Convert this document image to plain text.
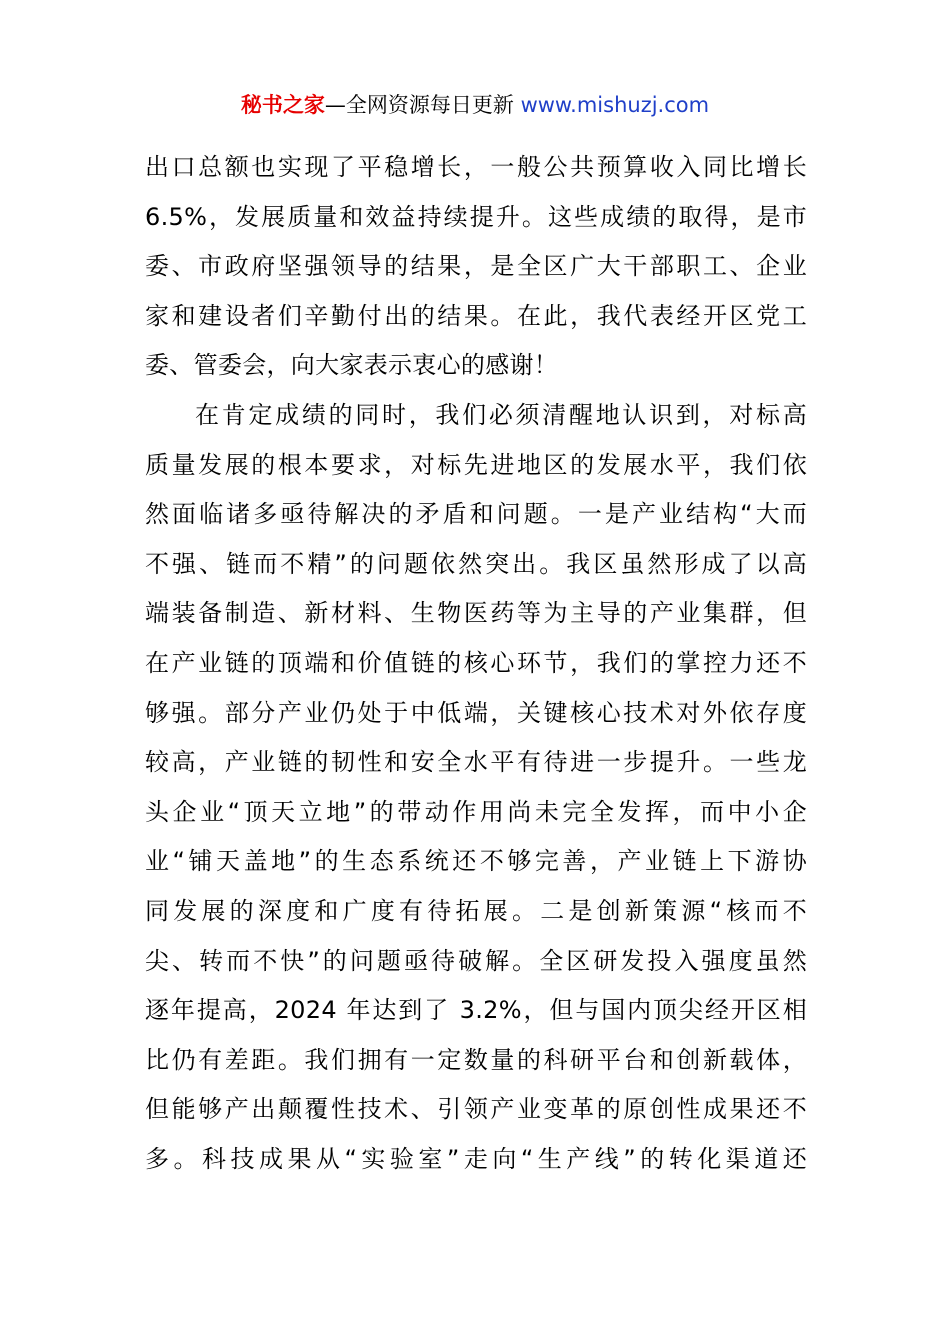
秘书之家—全网资源每日更新 www.mishuzj.com
出口总额也实现了平稳增长，一般公共预算收入同比增长
6.5%，发展质量和效益持续提升。这些成绩的取得，是市
委、市政府坚强领导的结果，是全区广大干部职工、企业
家和建设者们辛勤付出的结果。在此，我代表经开区党工
委、管委会，向大家表示衷心的感谢！
在肯定成绩的同时，我们必须清醒地认识到，对标高
质量发展的根本要求，对标先进地区的发展水平，我们依
然面临诸多亟待解决的矛盾和问题。一是产业结构“大而
不强、链而不精”的问题依然突出。我区虽然形成了以高
端装备制造、新材料、生物医药等为主导的产业集群，但
在产业链的顶端和价值链的核心环节，我们的掌控力还不
够强。部分产业仍处于中低端，关键核心技术对外依存度
较高，产业链的韧性和安全水平有待进一步提升。一些龙
头企业“顶天立地”的带动作用尚未完全发挥，而中小企
业“铺天盖地”的生态系统还不够完善，产业链上下游协
同发展的深度和广度有待拓展。二是创新策源“核而不
尖、转而不快”的问题亟待破解。全区研发投入强度虽然
逐年提高，2024 年达到了 3.2%，但与国内顶尖经开区相
比仍有差距。我们拥有一定数量的科研平台和创新载体，
但能够产出颠覆性技术、引领产业变革的原创性成果还不
多。科技成果从“实验室”走向“生产线”的转化渠道还
